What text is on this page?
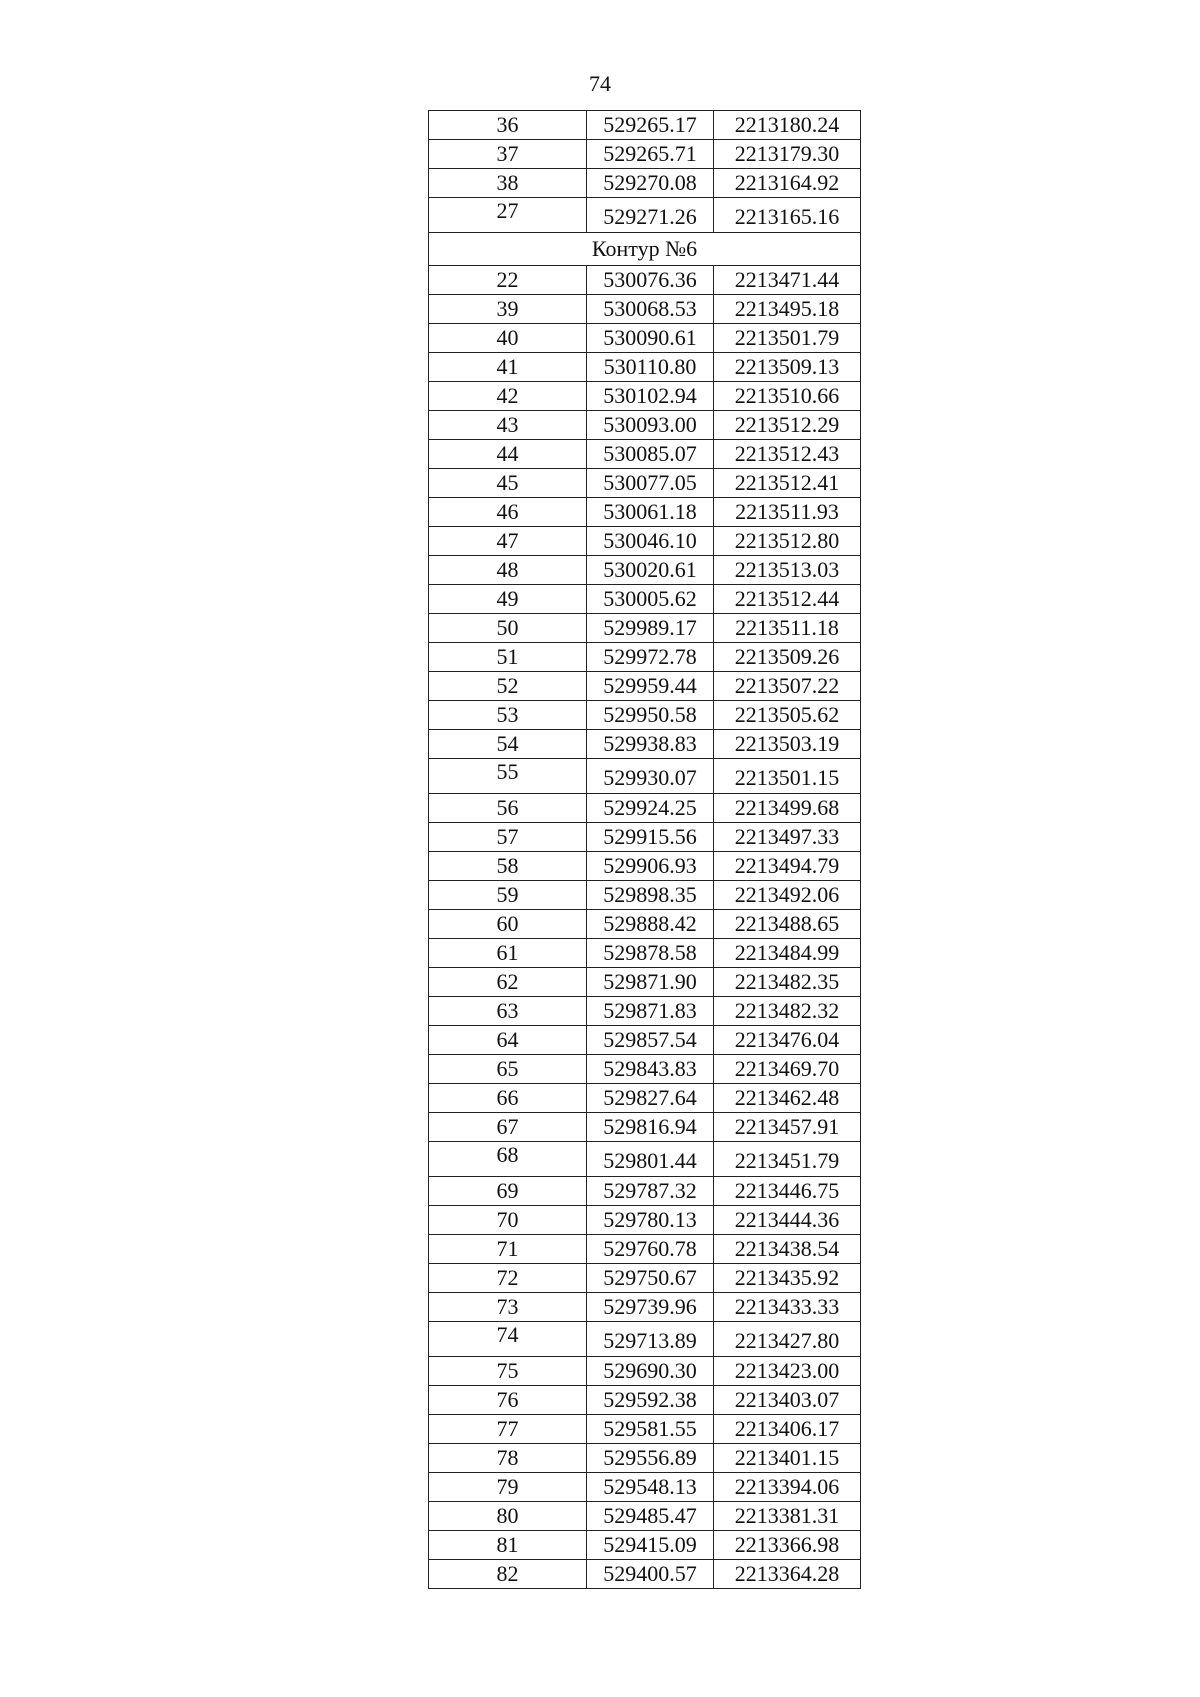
74
36	529265.17	2213180.24
37	529265.71	2213179.30
38	529270.08	2213164.92
27	529271.26	2213165.16
Контур №6		
22	530076.36	2213471.44
39	530068.53	2213495.18
40	530090.61	2213501.79
41	530110.80	2213509.13
42	530102.94	2213510.66
43	530093.00	2213512.29
44	530085.07	2213512.43
45	530077.05	2213512.41
46	530061.18	2213511.93
47	530046.10	2213512.80
48	530020.61	2213513.03
49	530005.62	2213512.44
50	529989.17	2213511.18
51	529972.78	2213509.26
52	529959.44	2213507.22
53	529950.58	2213505.62
54	529938.83	2213503.19
55	529930.07	2213501.15
56	529924.25	2213499.68
57	529915.56	2213497.33
58	529906.93	2213494.79
59	529898.35	2213492.06
60	529888.42	2213488.65
61	529878.58	2213484.99
62	529871.90	2213482.35
63	529871.83	2213482.32
64	529857.54	2213476.04
65	529843.83	2213469.70
66	529827.64	2213462.48
67	529816.94	2213457.91
68	529801.44	2213451.79
69	529787.32	2213446.75
70	529780.13	2213444.36
71	529760.78	2213438.54
72	529750.67	2213435.92
73	529739.96	2213433.33
74	529713.89	2213427.80
75	529690.30	2213423.00
76	529592.38	2213403.07
77	529581.55	2213406.17
78	529556.89	2213401.15
79	529548.13	2213394.06
80	529485.47	2213381.31
81	529415.09	2213366.98
82	529400.57	2213364.28
